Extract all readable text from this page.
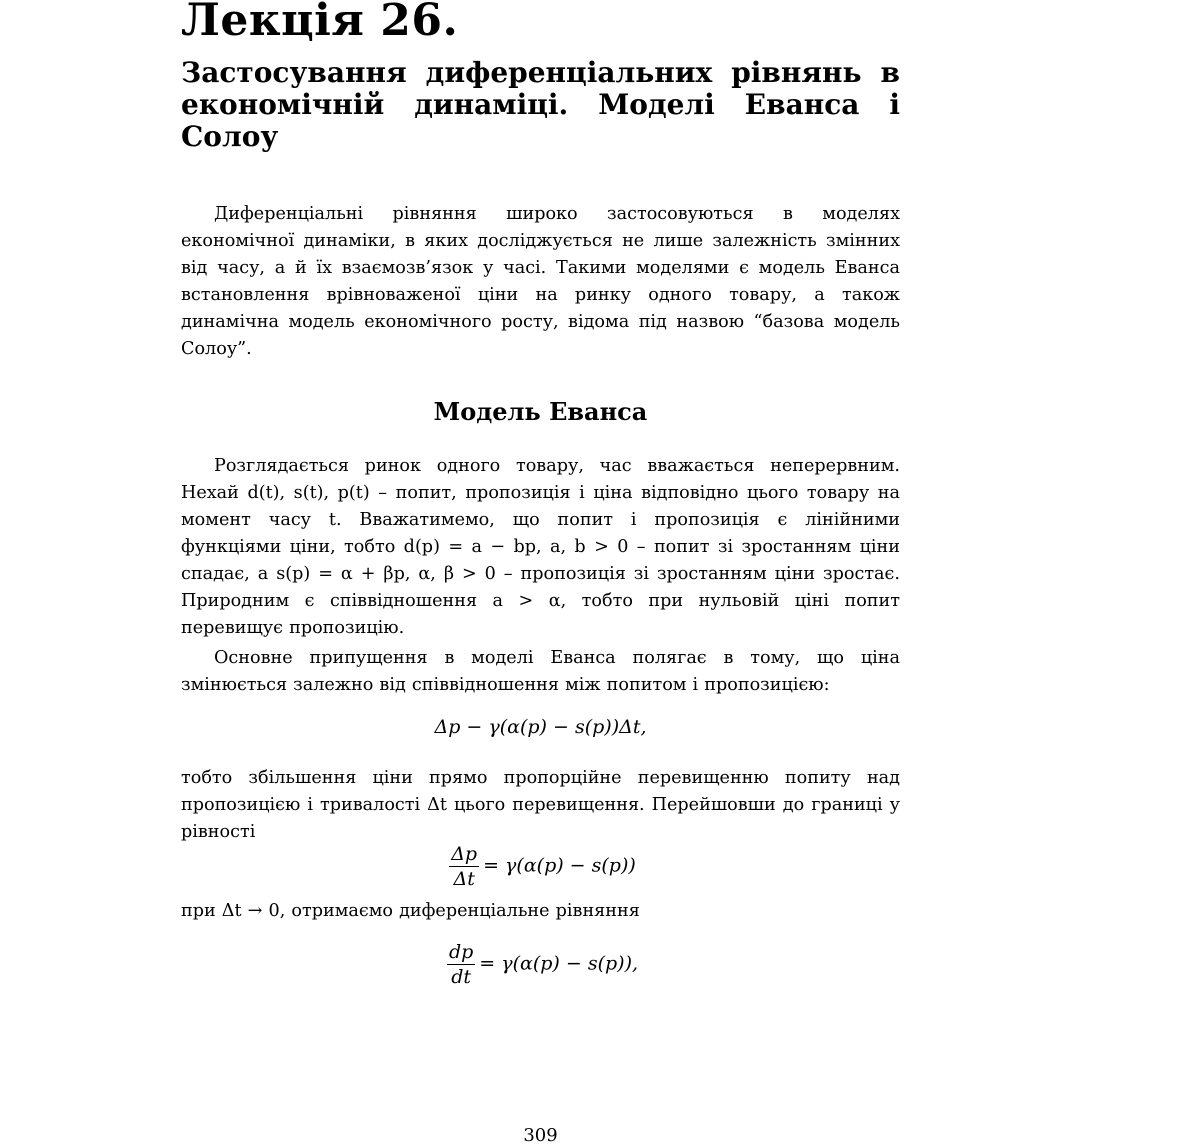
Лекція 26.
Застосування диференціальних рівнянь в економічній динаміці. Моделі Еванса і Солоу

Диференціальні рівняння широко застосовуються в моделях економічної динаміки, в яких досліджується не лише залежність змінних від часу, а й їх взаємозв’язок у часі. Такими моделями є модель Еванса встановлення врівноваженої ціни на ринку одного товару, а також динамічна модель економічного росту, відома під назвою “базова модель Солоу”.

Модель Еванса

Розглядається ринок одного товару, час вважається неперервним. Нехай d(t), s(t), p(t) – попит, пропозиція і ціна відповідно цього товару на момент часу t. Вважатимемо, що попит і пропозиція є лінійними функціями ціни, тобто d(p) = a − bp, a, b > 0 – попит зі зростанням ціни спадає, а s(p) = α + βp, α, β > 0 – пропозиція зі зростанням ціни зростає. Природним є співвідношення a > α, тобто при нульовій ціні попит перевищує пропозицію.

Основне припущення в моделі Еванса полягає в тому, що ціна змінюється залежно від співвідношення між попитом і пропозицією:

Δp − γ(α(p) − s(p))Δt,

тобто збільшення ціни прямо пропорційне перевищенню попиту над пропозицією і тривалості Δt цього перевищення. Перейшовши до границі у рівності

$\frac{\Delta p}{\Delta t} = \gamma(\alpha(p) - s(p))$

при Δt → 0, отримаємо диференціальне рівняння

$\frac{dp}{dt} = \gamma(\alpha(p) - s(p))$,
309
